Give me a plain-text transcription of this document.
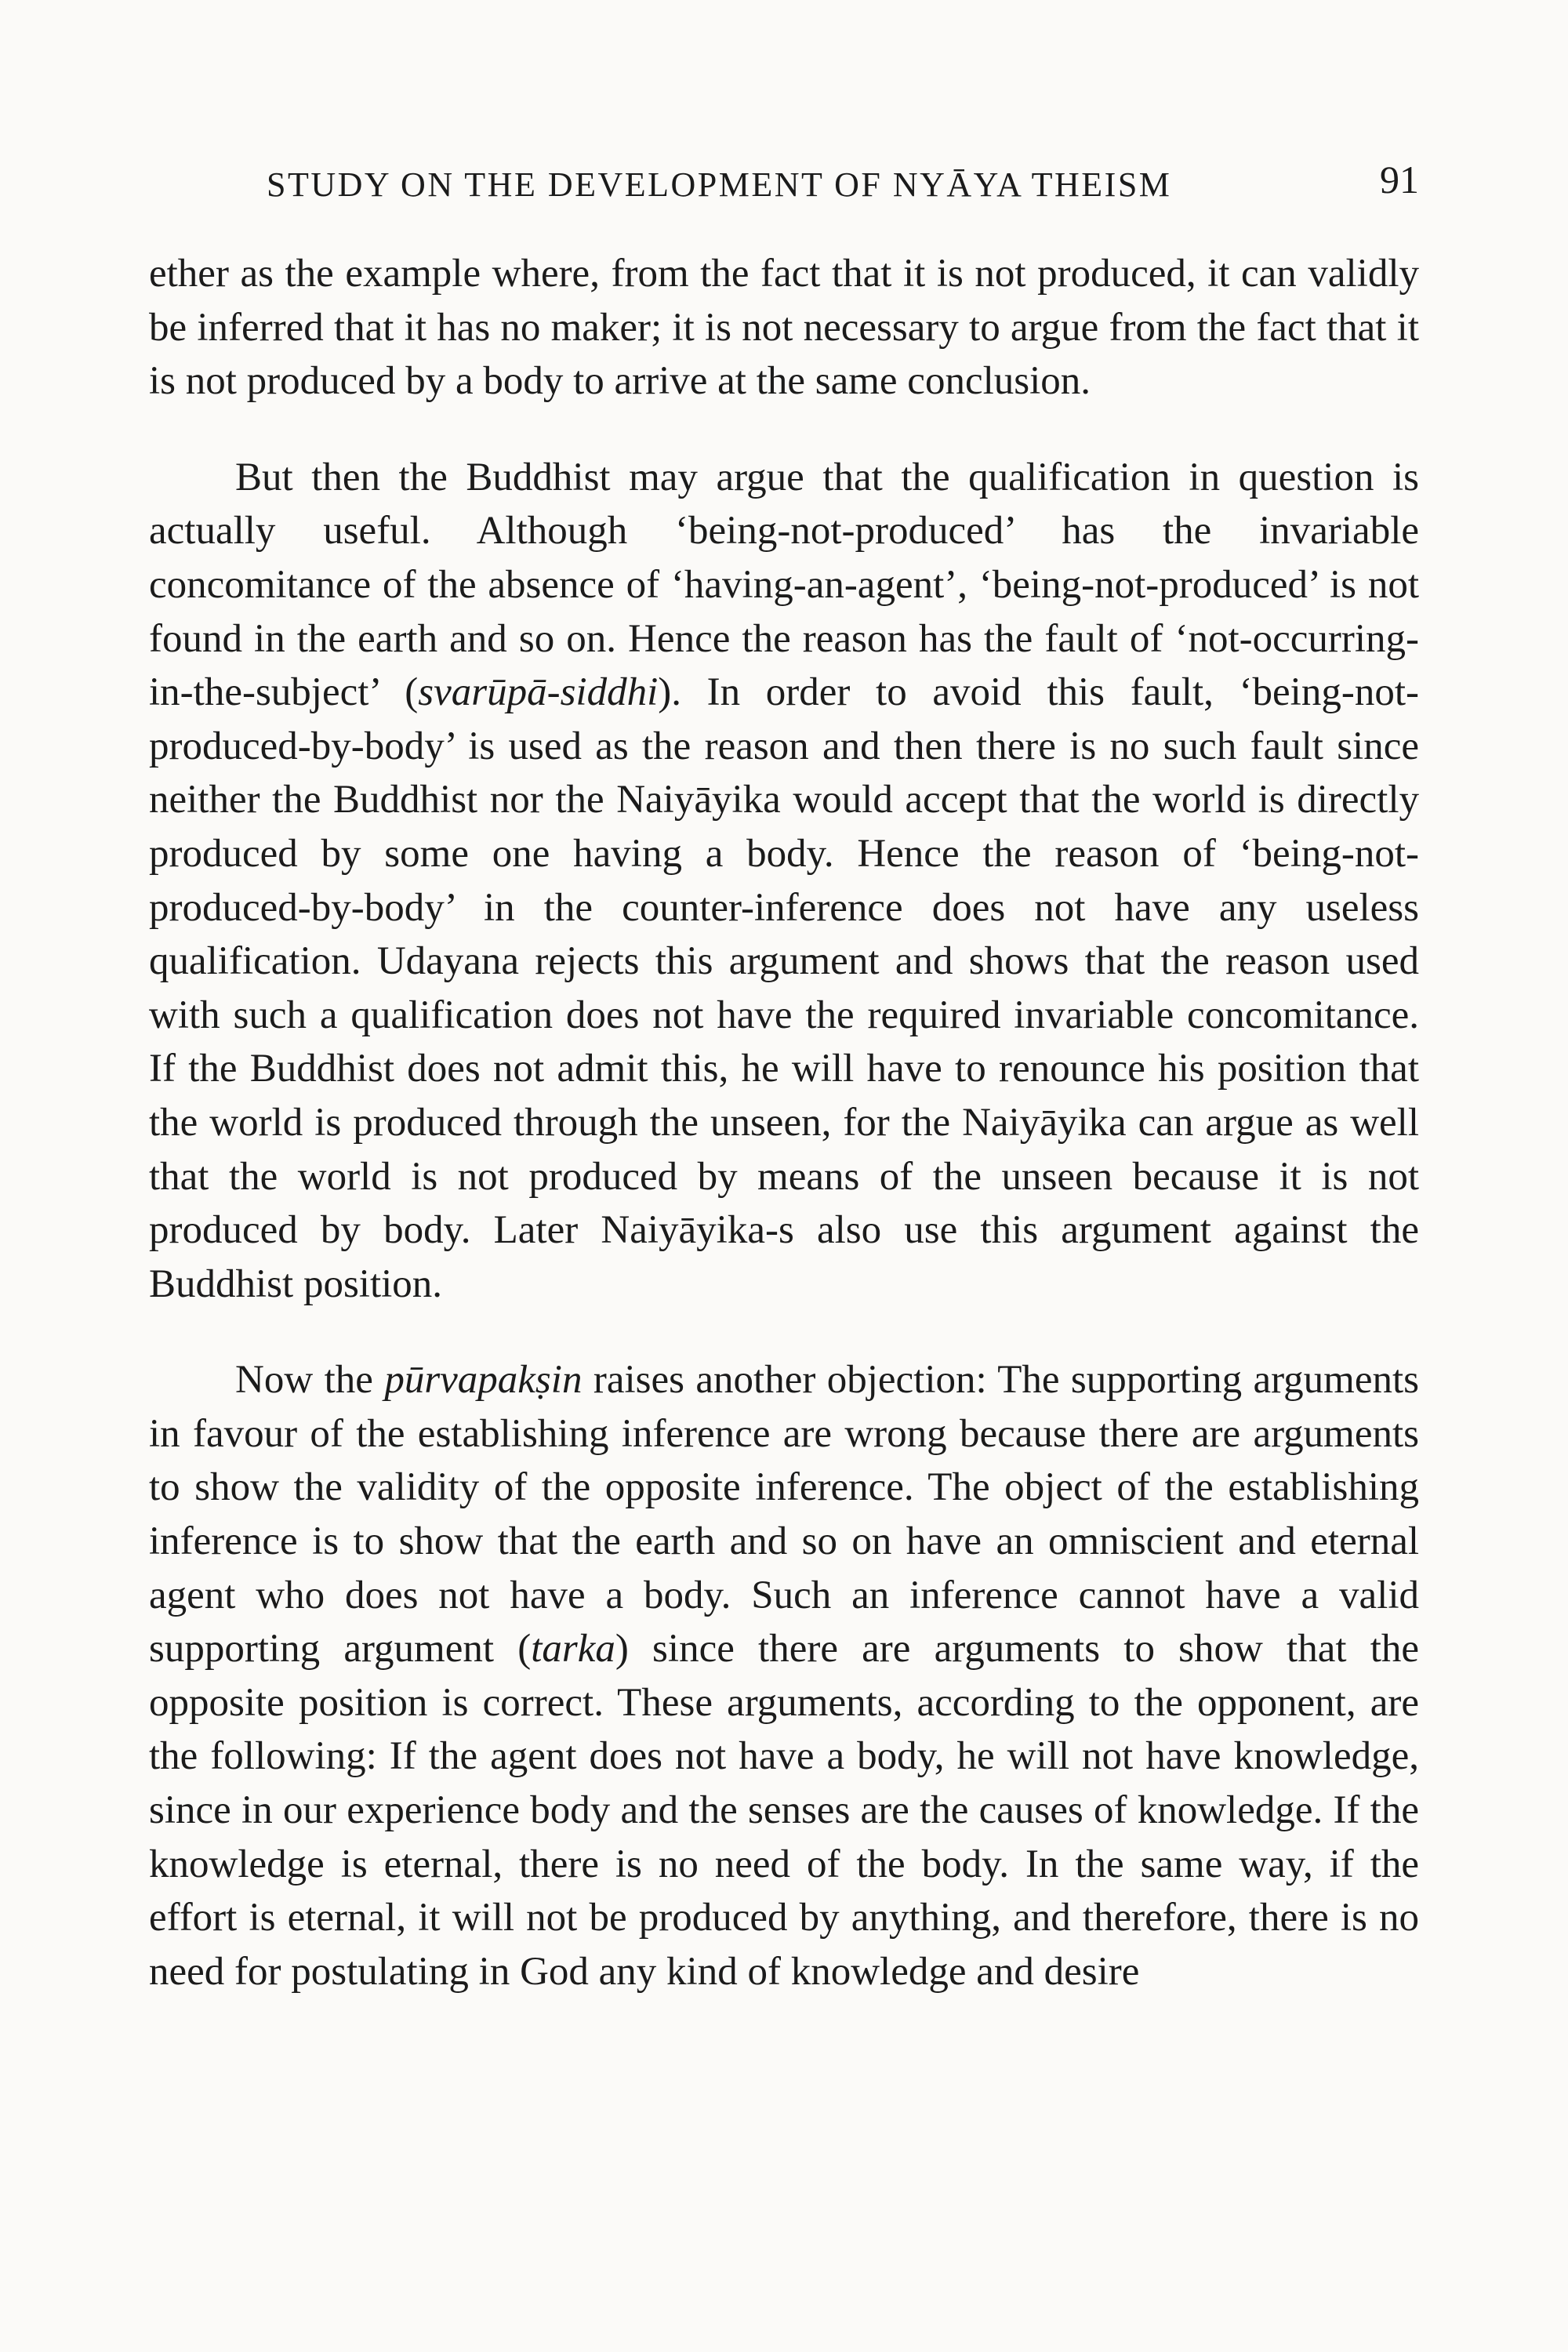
STUDY ON THE DEVELOPMENT OF NYĀYA THEISM	91

ether as the example where, from the fact that it is not produced, it can validly be inferred that it has no maker; it is not necessary to argue from the fact that it is not produced by a body to arrive at the same conclusion.

But then the Buddhist may argue that the qualification in question is actually useful. Although ‘being-not-produced’ has the invariable concomitance of the absence of ‘having-an-agent’, ‘being-not-produced’ is not found in the earth and so on. Hence the reason has the fault of ‘not-occurring-in-the-subject’ (svarūpā-siddhi). In order to avoid this fault, ‘being-not-produced-by-body’ is used as the reason and then there is no such fault since neither the Buddhist nor the Naiyāyika would accept that the world is directly produced by some one having a body. Hence the reason of ‘being-not-produced-by-body’ in the counter-inference does not have any useless qualification. Udayana rejects this argument and shows that the reason used with such a qualification does not have the required invariable concomitance. If the Buddhist does not admit this, he will have to renounce his position that the world is produced through the unseen, for the Naiyāyika can argue as well that the world is not produced by means of the unseen because it is not produced by body. Later Naiyāyika-s also use this argument against the Buddhist position.

Now the pūrvapakṣin raises another objection: The supporting arguments in favour of the establishing inference are wrong because there are arguments to show the validity of the opposite inference. The object of the establishing inference is to show that the earth and so on have an omniscient and eternal agent who does not have a body. Such an inference cannot have a valid supporting argument (tarka) since there are arguments to show that the opposite position is correct. These arguments, according to the opponent, are the following: If the agent does not have a body, he will not have knowledge, since in our experience body and the senses are the causes of knowledge. If the knowledge is eternal, there is no need of the body. In the same way, if the effort is eternal, it will not be produced by anything, and therefore, there is no need for postulating in God any kind of knowledge and desire
